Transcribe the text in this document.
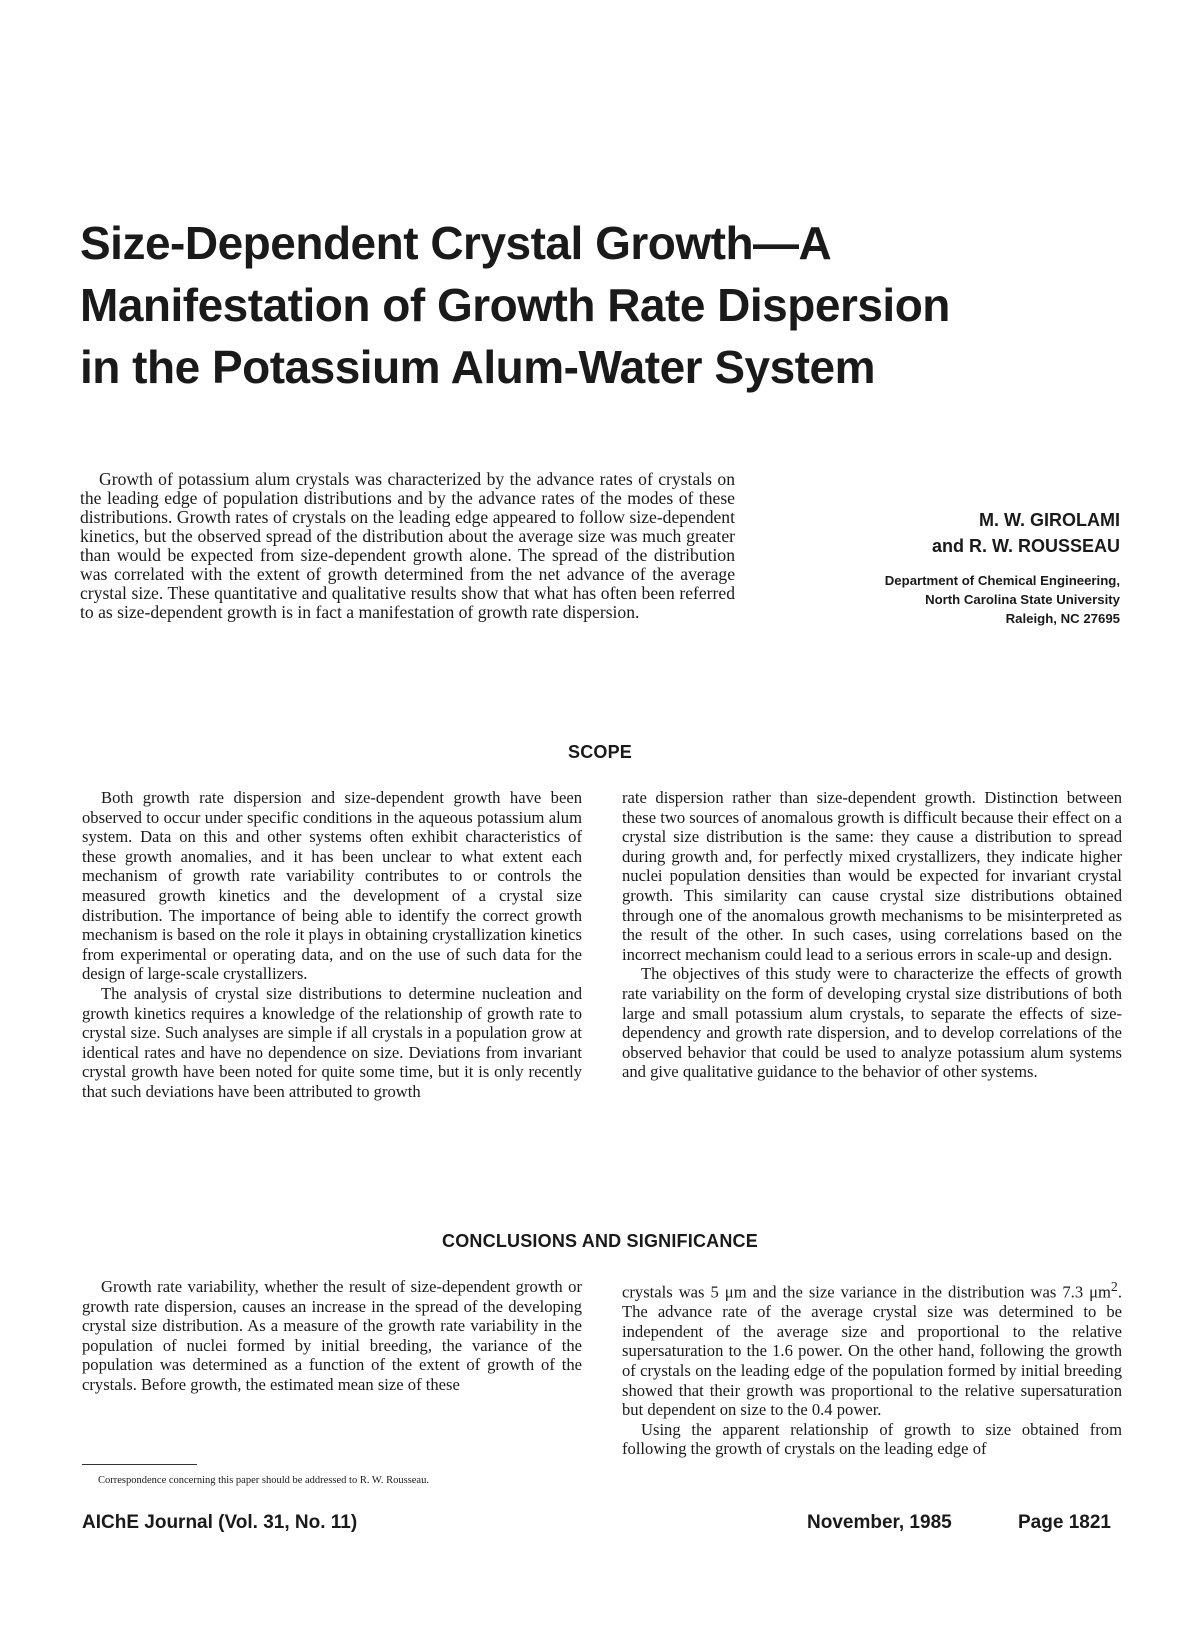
Size-Dependent Crystal Growth—A
Manifestation of Growth Rate Dispersion
in the Potassium Alum-Water System

Growth of potassium alum crystals was characterized by the advance rates of crystals on the leading edge of population distributions and by the advance rates of the modes of these distributions. Growth rates of crystals on the leading edge appeared to follow size-dependent kinetics, but the observed spread of the distribution about the average size was much greater than would be expected from size-dependent growth alone. The spread of the distribution was correlated with the extent of growth determined from the net advance of the average crystal size. These quantitative and qualitative results show that what has often been referred to as size-dependent growth is in fact a manifestation of growth rate dispersion.

M. W. GIROLAMI
and R. W. ROUSSEAU
Department of Chemical Engineering,
North Carolina State University
Raleigh, NC 27695
SCOPE

Both growth rate dispersion and size-dependent growth have been observed to occur under specific conditions in the aqueous potassium alum system. Data on this and other systems often exhibit characteristics of these growth anomalies, and it has been unclear to what extent each mechanism of growth rate variability contributes to or controls the measured growth kinetics and the development of a crystal size distribution. The importance of being able to identify the correct growth mechanism is based on the role it plays in obtaining crystallization kinetics from experimental or operating data, and on the use of such data for the design of large-scale crystallizers.

The analysis of crystal size distributions to determine nucleation and growth kinetics requires a knowledge of the relationship of growth rate to crystal size. Such analyses are simple if all crystals in a population grow at identical rates and have no dependence on size. Deviations from invariant crystal growth have been noted for quite some time, but it is only recently that such deviations have been attributed to growth

rate dispersion rather than size-dependent growth. Distinction between these two sources of anomalous growth is difficult because their effect on a crystal size distribution is the same: they cause a distribution to spread during growth and, for perfectly mixed crystallizers, they indicate higher nuclei population densities than would be expected for invariant crystal growth. This similarity can cause crystal size distributions obtained through one of the anomalous growth mechanisms to be misinterpreted as the result of the other. In such cases, using correlations based on the incorrect mechanism could lead to a serious errors in scale-up and design.

The objectives of this study were to characterize the effects of growth rate variability on the form of developing crystal size distributions of both large and small potassium alum crystals, to separate the effects of size-dependency and growth rate dispersion, and to develop correlations of the observed behavior that could be used to analyze potassium alum systems and give qualitative guidance to the behavior of other systems.

CONCLUSIONS AND SIGNIFICANCE

Growth rate variability, whether the result of size-dependent growth or growth rate dispersion, causes an increase in the spread of the developing crystal size distribution. As a measure of the growth rate variability in the population of nuclei formed by initial breeding, the variance of the population was determined as a function of the extent of growth of the crystals. Before growth, the estimated mean size of these

crystals was 5 μm and the size variance in the distribution was 7.3 $\mu m^2$. The advance rate of the average crystal size was determined to be independent of the average size and proportional to the relative supersaturation to the 1.6 power. On the other hand, following the growth of crystals on the leading edge of the population formed by initial breeding showed that their growth was proportional to the relative supersaturation but dependent on size to the 0.4 power.

Using the apparent relationship of growth to size obtained from following the growth of crystals on the leading edge of

Correspondence concerning this paper should be addressed to R. W. Rousseau.
AIChE Journal (Vol. 31, No. 11)	November, 1985	Page 1821
